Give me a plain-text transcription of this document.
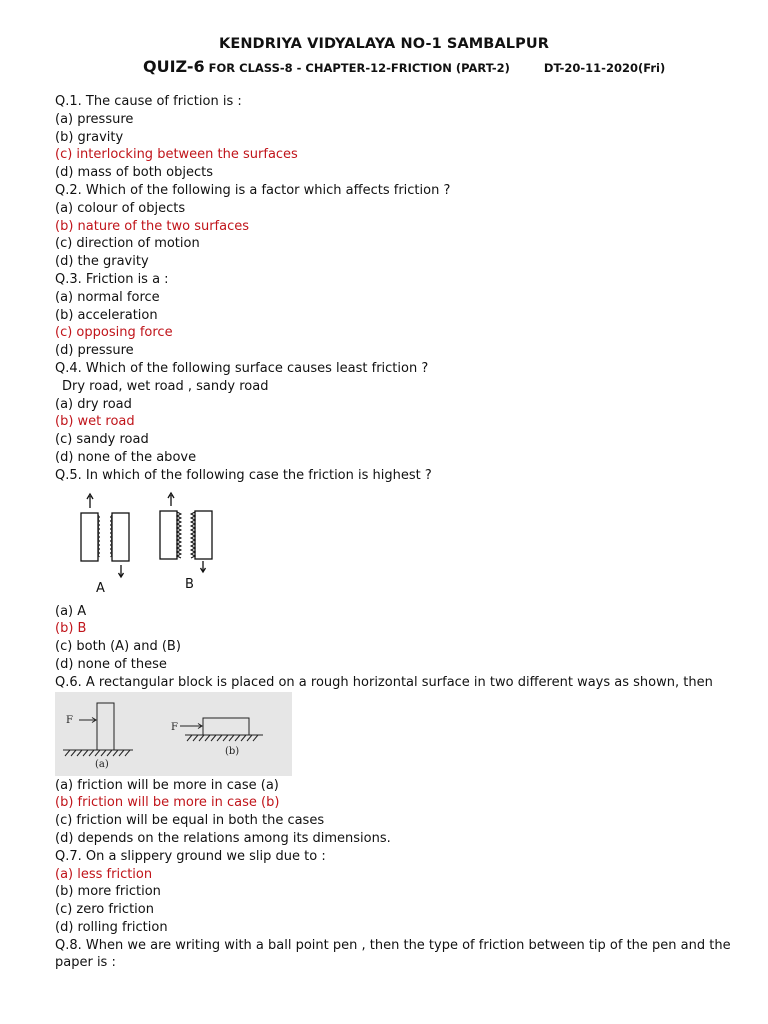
KENDRIYA VIDYALAYA NO-1 SAMBALPUR
QUIZ-6 FOR CLASS-8 - CHAPTER-12-FRICTION (PART-2)	DT-20-11-2020(Fri)
Q.1. The cause of friction is :
(a) pressure
(b) gravity
(c) interlocking between the surfaces
(d) mass of both objects
Q.2. Which of the following is a factor which affects friction ?
(a) colour of objects
(b) nature of the two surfaces
(c) direction of motion
(d) the gravity
Q.3. Friction is a :
(a) normal force
(b) acceleration
(c) opposing force
(d) pressure
Q.4. Which of the following surface causes least friction ?
Dry road, wet road , sandy road
(a) dry road
(b) wet road
(c) sandy road
(d) none of the above
Q.5. In which of the following case the friction is highest ?
A	B
(a) A
(b) B
(c) both (A) and (B)
(d) none of these
Q.6. A rectangular block is placed on a rough horizontal surface in two different ways as shown, then
F
(a)
F
(b)
(a) friction will be more in case (a)
(b) friction will be more in case (b)
(c) friction will be equal in both the cases
(d) depends on the relations among its dimensions.
Q.7. On a slippery ground we slip due to :
(a) less friction
(b) more friction
(c) zero friction
(d) rolling friction
Q.8. When we are writing with a ball point pen , then the type of friction between tip of the pen and the paper is :
